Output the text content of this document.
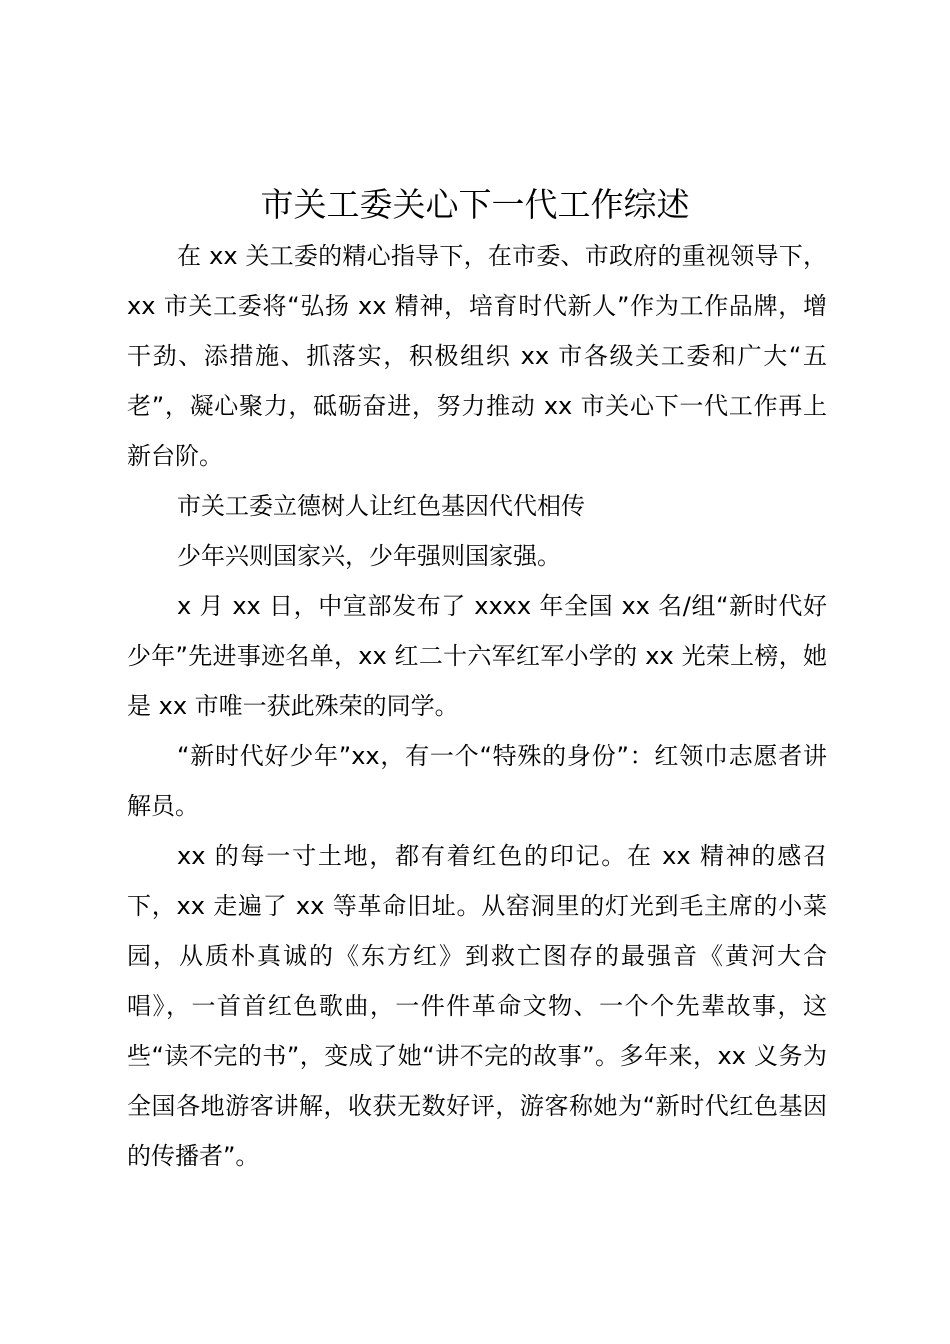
市关工委关心下一代工作综述

在 xx 关工委的精心指导下，在市委、市政府的重视领导下，xx 市关工委将“弘扬 xx 精神，培育时代新人”作为工作品牌，增干劲、添措施、抓落实，积极组织 xx 市各级关工委和广大“五老”，凝心聚力，砥砺奋进，努力推动 xx 市关心下一代工作再上新台阶。

市关工委立德树人让红色基因代代相传

少年兴则国家兴，少年强则国家强。

x 月 xx 日，中宣部发布了 xxxx 年全国 xx 名/组“新时代好少年”先进事迹名单，xx 红二十六军红军小学的 xx 光荣上榜，她是 xx 市唯一获此殊荣的同学。

“新时代好少年”xx，有一个“特殊的身份”：红领巾志愿者讲解员。

xx 的每一寸土地，都有着红色的印记。在 xx 精神的感召下，xx 走遍了 xx 等革命旧址。从窑洞里的灯光到毛主席的小菜园，从质朴真诚的《东方红》到救亡图存的最强音《黄河大合唱》，一首首红色歌曲，一件件革命文物、一个个先辈故事，这些“读不完的书”，变成了她“讲不完的故事”。多年来，xx 义务为全国各地游客讲解，收获无数好评，游客称她为“新时代红色基因的传播者”。
